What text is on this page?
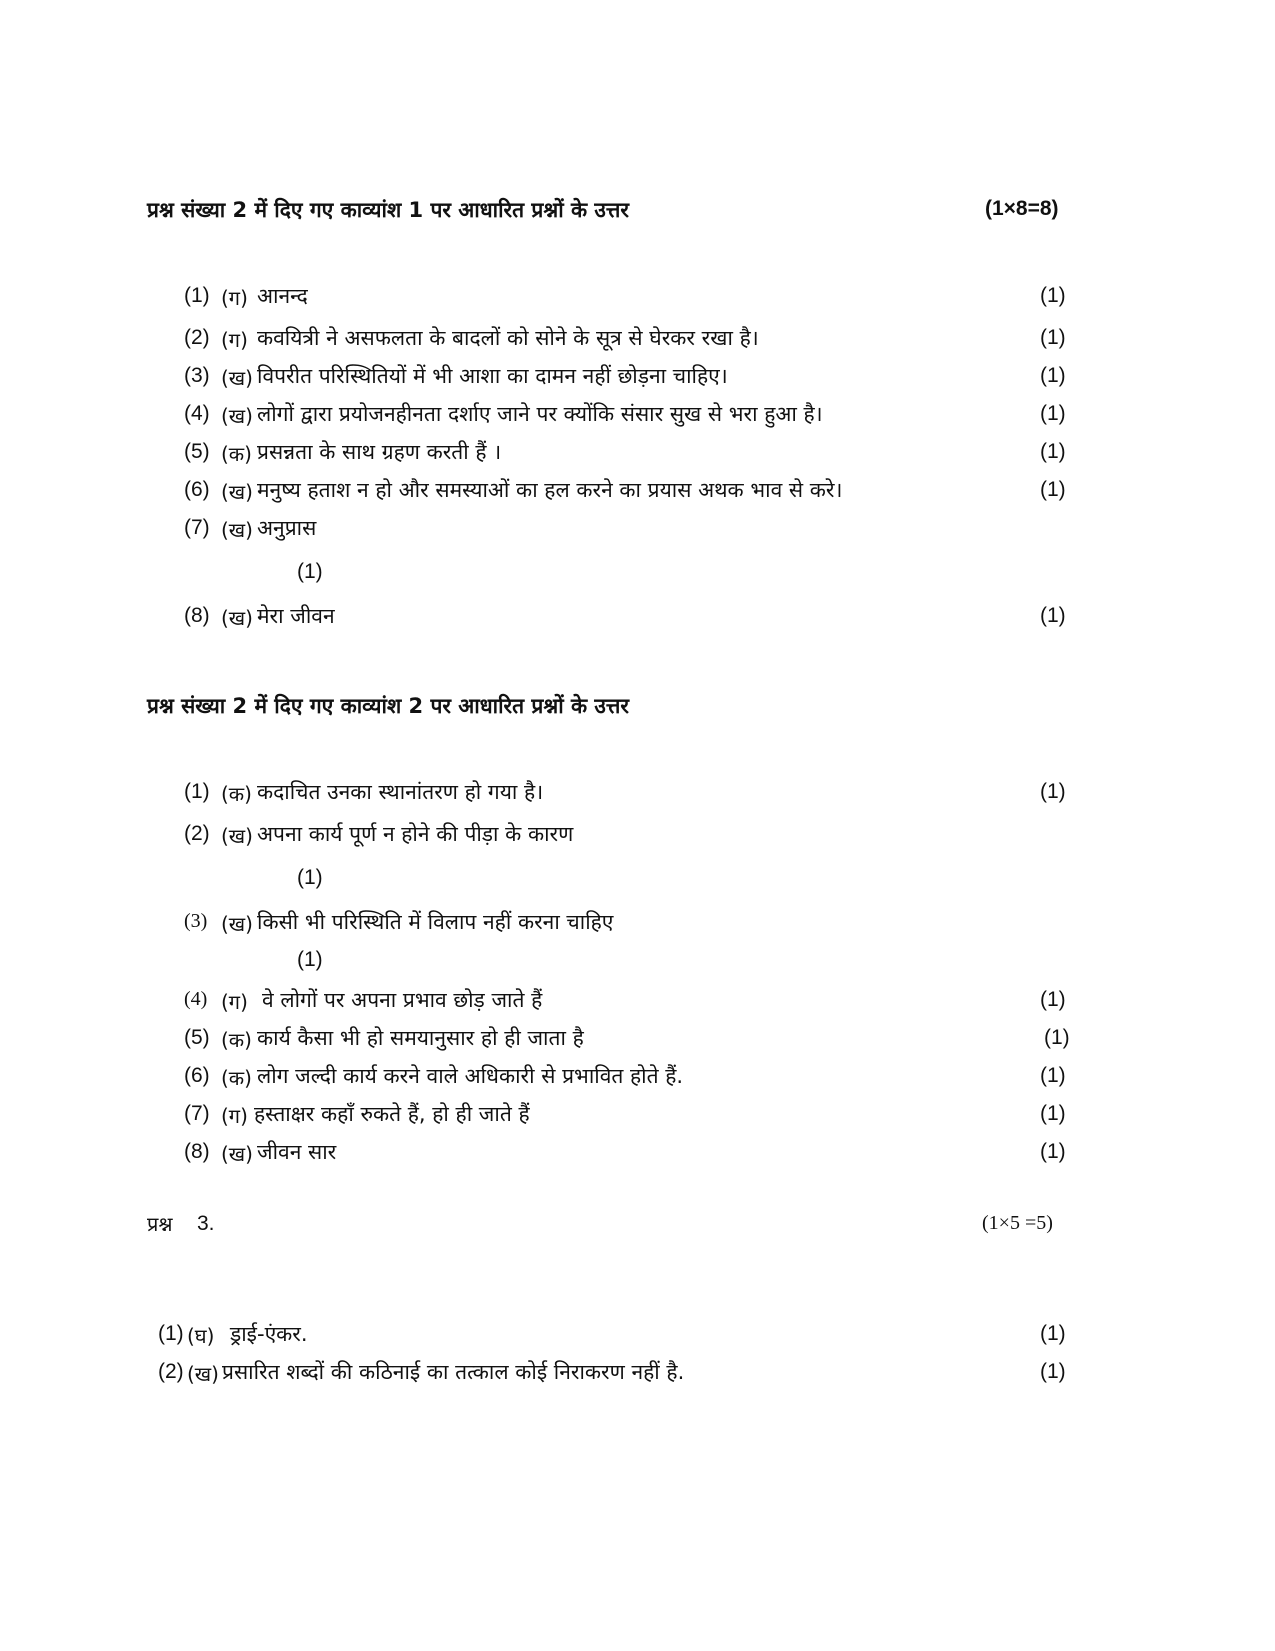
प्रश्न संख्या 2 में दिए गए काव्यांश 1 पर आधारित प्रश्नों के उत्तर	(1×8=8)
(1) (ग) आनन्द	(1)
(2) (ग) कवयित्री ने असफलता के बादलों को सोने के सूत्र से घेरकर रखा है।	(1)
(3) (ख) विपरीत परिस्थितियों में भी आशा का दामन नहीं छोड़ना चाहिए।	(1)
(4) (ख) लोगों द्वारा प्रयोजनहीनता दर्शाए जाने पर क्योंकि संसार सुख से भरा हुआ है।	(1)
(5) (क) प्रसन्नता के साथ ग्रहण करती हैं ।	(1)
(6) (ख) मनुष्य हताश न हो और समस्याओं का हल करने का प्रयास अथक भाव से करे।	(1)
(7) (ख) अनुप्रास
(1)
(8) (ख) मेरा जीवन	(1)
प्रश्न संख्या 2 में दिए गए काव्यांश 2 पर आधारित प्रश्नों के उत्तर
(1) (क) कदाचित उनका स्थानांतरण हो गया है।	(1)
(2) (ख) अपना कार्य पूर्ण न होने की पीड़ा के कारण
(1)
(3) (ख) किसी भी परिस्थिति में विलाप नहीं करना चाहिए
(1)
(4) (ग) वे लोगों पर अपना प्रभाव छोड़ जाते हैं	(1)
(5) (क) कार्य कैसा भी हो समयानुसार हो ही जाता है	(1)
(6) (क) लोग जल्दी कार्य करने वाले अधिकारी से प्रभावित होते हैं.	(1)
(7) (ग) हस्ताक्षर कहाँ रुकते हैं, हो ही जाते हैं	(1)
(8) (ख) जीवन सार	(1)
प्रश्न 3.	(1×5 =5)
(1) (घ) ड्राई-एंकर.	(1)
(2) (ख) प्रसारित शब्दों की कठिनाई का तत्काल कोई निराकरण नहीं है.	(1)
